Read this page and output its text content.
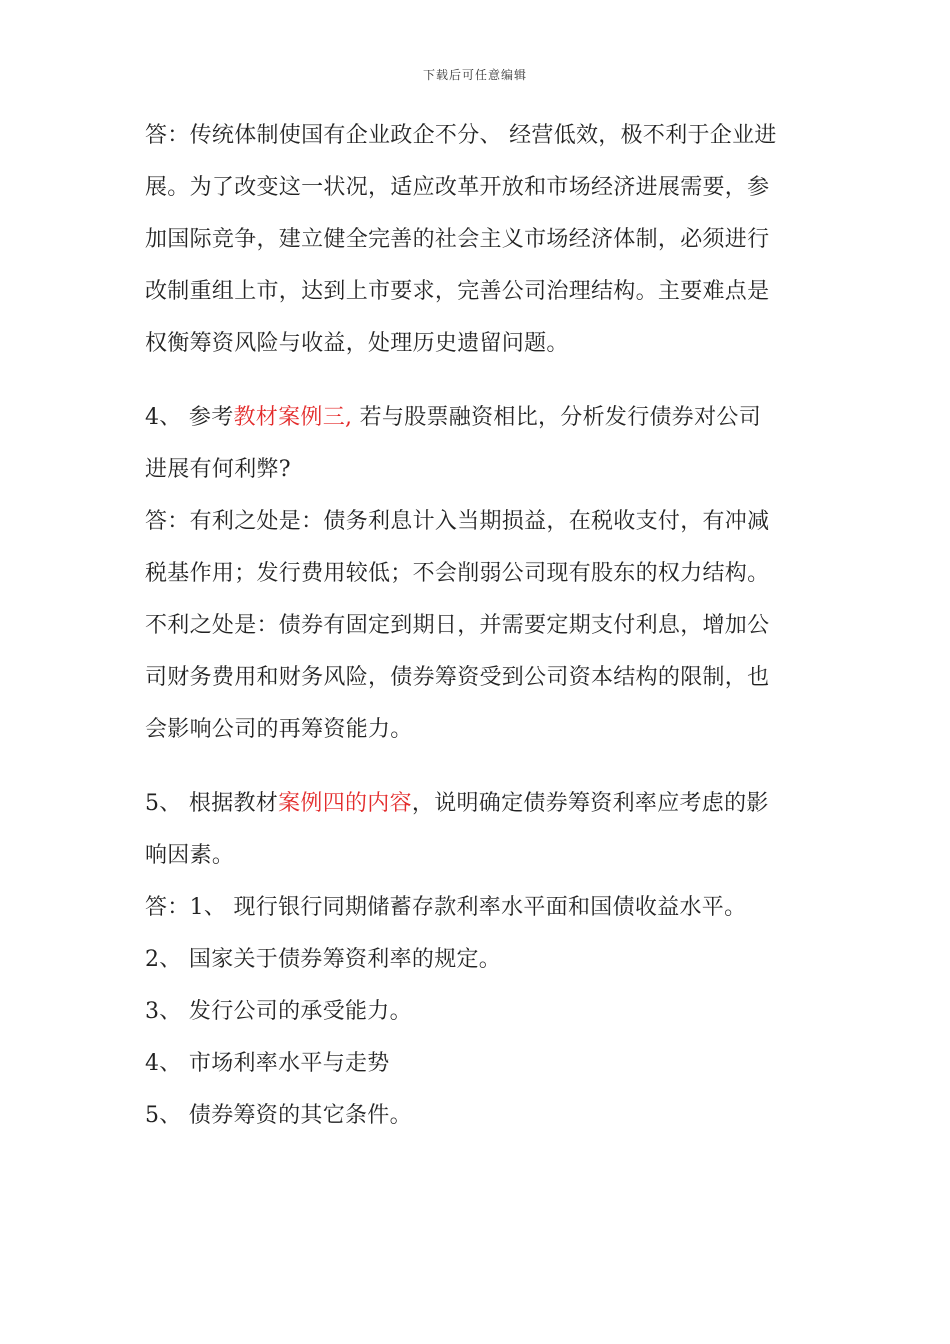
下载后可任意编辑
答：传统体制使国有企业政企不分、 经营低效，极不利于企业进
展。为了改变这一状况，适应改革开放和市场经济进展需要，参
加国际竞争，建立健全完善的社会主义市场经济体制，必须进行
改制重组上市，达到上市要求，完善公司治理结构。主要难点是
权衡筹资风险与收益，处理历史遗留问题。
4、 参考教材案例三, 若与股票融资相比，分析发行债券对公司
进展有何利弊?
答：有利之处是：债务利息计入当期损益，在税收支付，有冲减
税基作用；发行费用较低；不会削弱公司现有股东的权力结构。
不利之处是：债券有固定到期日，并需要定期支付利息，增加公
司财务费用和财务风险，债券筹资受到公司资本结构的限制，也
会影响公司的再筹资能力。
5、 根据教材案例四的内容，说明确定债券筹资利率应考虑的影
响因素。
答：1、 现行银行同期储蓄存款利率水平面和国债收益水平。
2、 国家关于债券筹资利率的规定。
3、 发行公司的承受能力。
4、 市场利率水平与走势
5、 债券筹资的其它条件。
